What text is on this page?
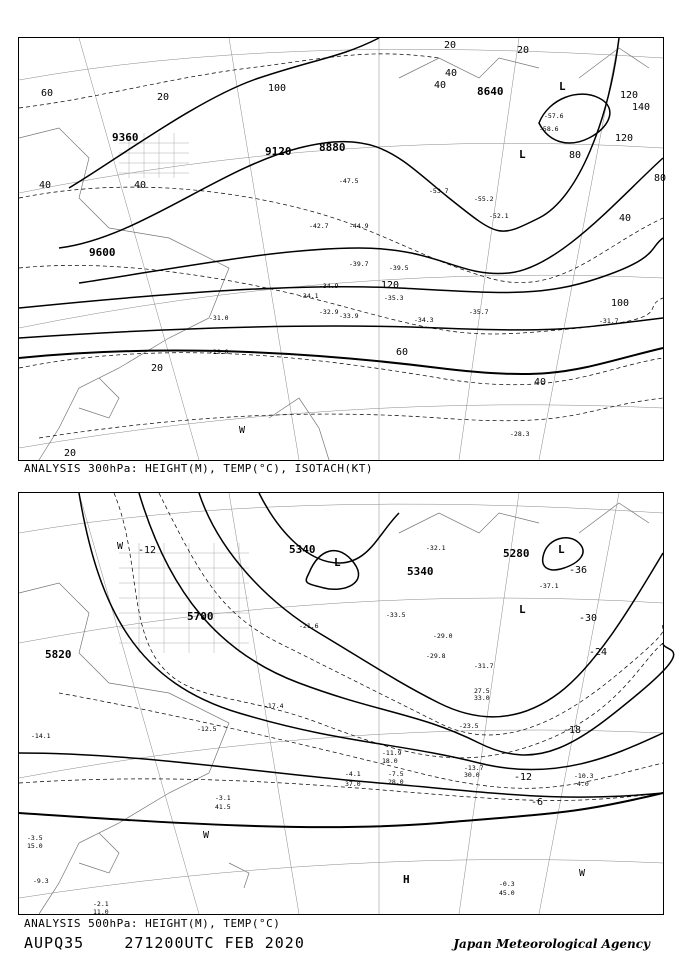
-39.5
-39.7
-35.3
-34.3
-33.9
-31.0
-29.0
-34.9
-44.9
-42.7
-47.5
-53.7
-55.2
-57.6
-58.6
-52.1
-28.3
-31.7
-35.7
-34.1
-32.9
9360
9120	8880
8640
9600
20
60
40
100
80
40	40
20	20
40
120
140
120
80
40
120
100
60
40
20
20
L
L
W
ANALYSIS 300hPa: HEIGHT(M), TEMP(°C), ISOTACH(KT)
-32.1
-33.5
-37.1
-29.8
-29.0
-23.5
-13.7
30.0	-10.3
4.0
-0.3
45.0
-7.5
28.0
-11.9
18.0
-4.1
37.0
-3.1
41.5
-3.5
15.0
-2.1
11.0
-9.3
-14.1
-12.5
-17.4
-21.6
-31.7
27.5
33.0
5340
5340
5700
5820
5280
-12
-36
-30
-24
-18
-12
-6
L
L
L
H
W
W
W
ANALYSIS 500hPa: HEIGHT(M), TEMP(°C)
AUPQ35	271200UTC FEB 2020	Japan Meteorological Agency
